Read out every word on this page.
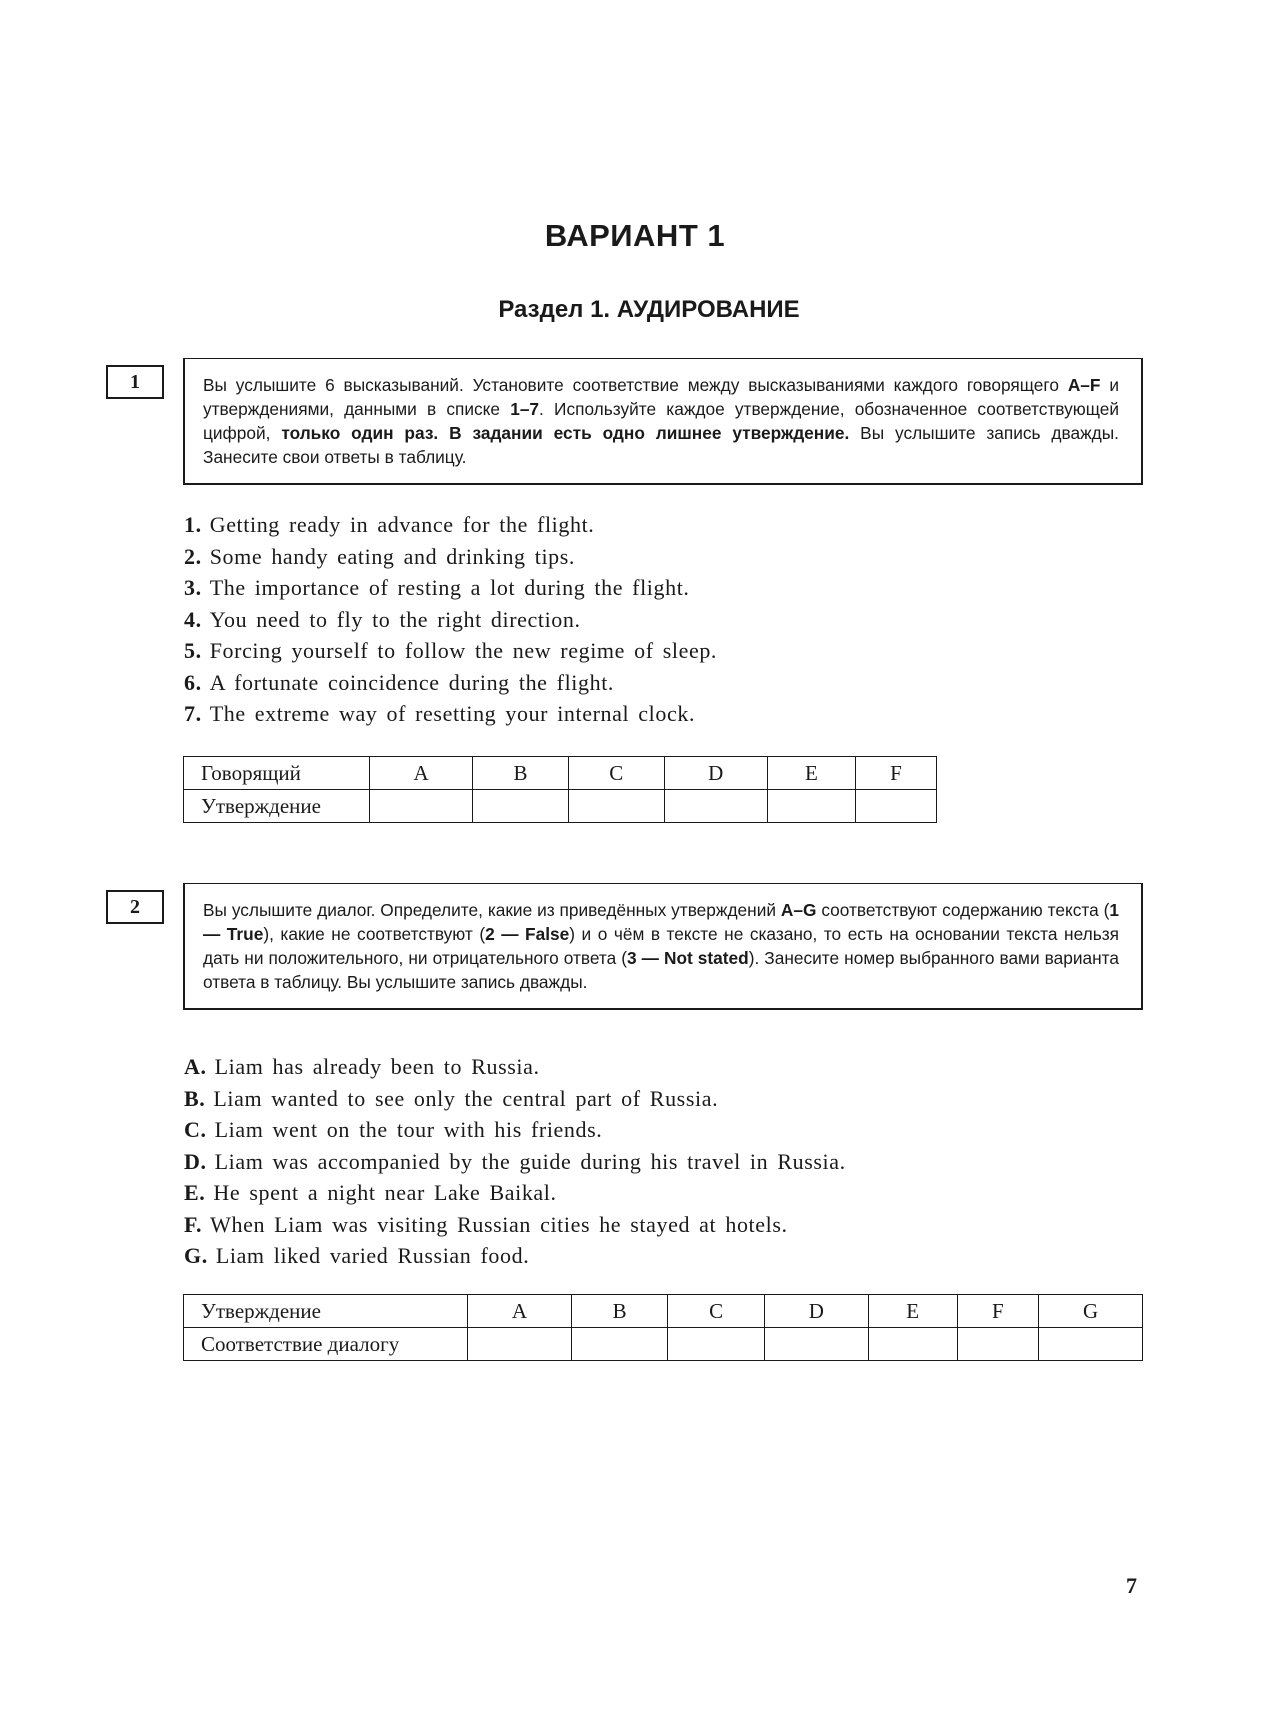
ВАРИАНТ 1
Раздел 1. АУДИРОВАНИЕ
1	Вы услышите 6 высказываний. Установите соответствие между высказываниями каждого говорящего A–F и утверждениями, данными в списке 1–7. Используйте каждое утверждение, обозначенное соответствующей цифрой, только один раз. В задании есть одно лишнее утверждение. Вы услышите запись дважды. Занесите свои ответы в таблицу.
1. Getting ready in advance for the flight.
2. Some handy eating and drinking tips.
3. The importance of resting a lot during the flight.
4. You need to fly to the right direction.
5. Forcing yourself to follow the new regime of sleep.
6. A fortunate coincidence during the flight.
7. The extreme way of resetting your internal clock.
Говорящий	A	B	C	D	E	F
Утверждение						
2	Вы услышите диалог. Определите, какие из приведённых утверждений A–G соответствуют содержанию текста (1 — True), какие не соответствуют (2 — False) и о чём в тексте не сказано, то есть на основании текста нельзя дать ни положительного, ни отрицательного ответа (3 — Not stated). Занесите номер выбранного вами варианта ответа в таблицу. Вы услышите запись дважды.
A. Liam has already been to Russia.
B. Liam wanted to see only the central part of Russia.
C. Liam went on the tour with his friends.
D. Liam was accompanied by the guide during his travel in Russia.
E. He spent a night near Lake Baikal.
F. When Liam was visiting Russian cities he stayed at hotels.
G. Liam liked varied Russian food.
Утверждение	A	B	C	D	E	F	G
Соответствие диалогу							
7
